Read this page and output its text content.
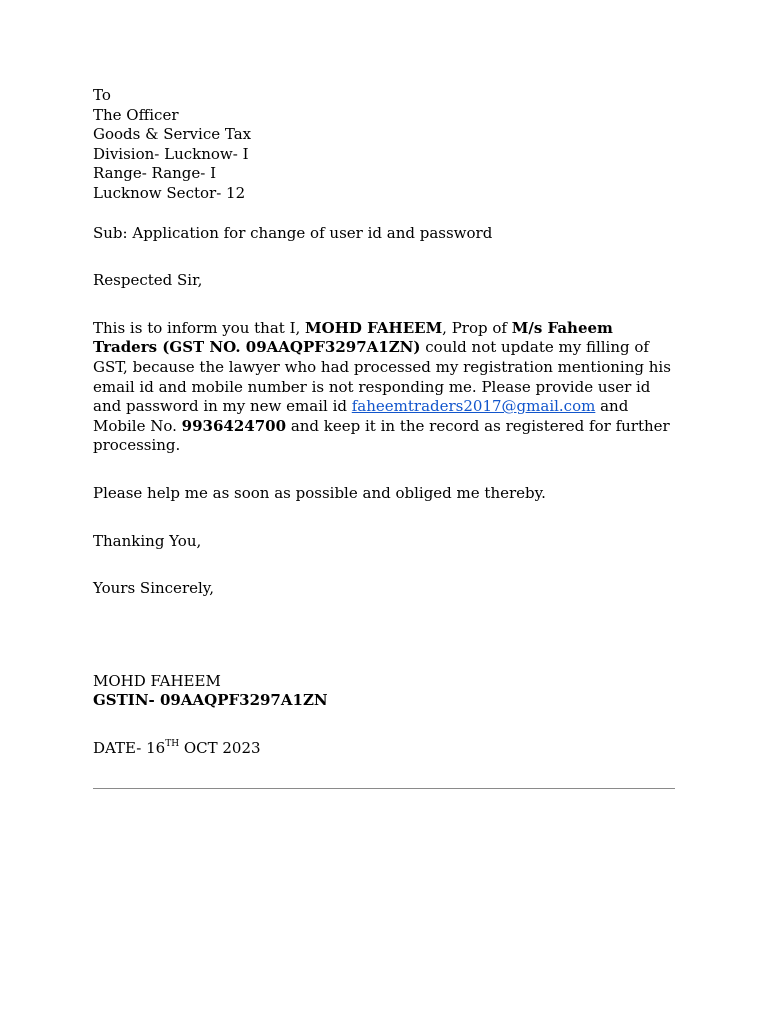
To
The Officer
Goods & Service Tax
Division- Lucknow- I
Range- Range- I
Lucknow Sector- 12
Sub: Application for change of user id and password
Respected Sir,
This is to inform you that I, MOHD FAHEEM, Prop of M/s Faheem Traders (GST NO. 09AAQPF3297A1ZN) could not update my filling of GST, because the lawyer who had processed my registration mentioning his email id and mobile number is not responding me. Please provide user id and password in my new email id faheemtraders2017@gmail.com and Mobile No. 9936424700 and keep it in the record as registered for further processing.
Please help me as soon as possible and obliged me thereby.
Thanking You,
Yours Sincerely,
MOHD FAHEEM
GSTIN- 09AAQPF3297A1ZN
DATE- 16TH OCT 2023
